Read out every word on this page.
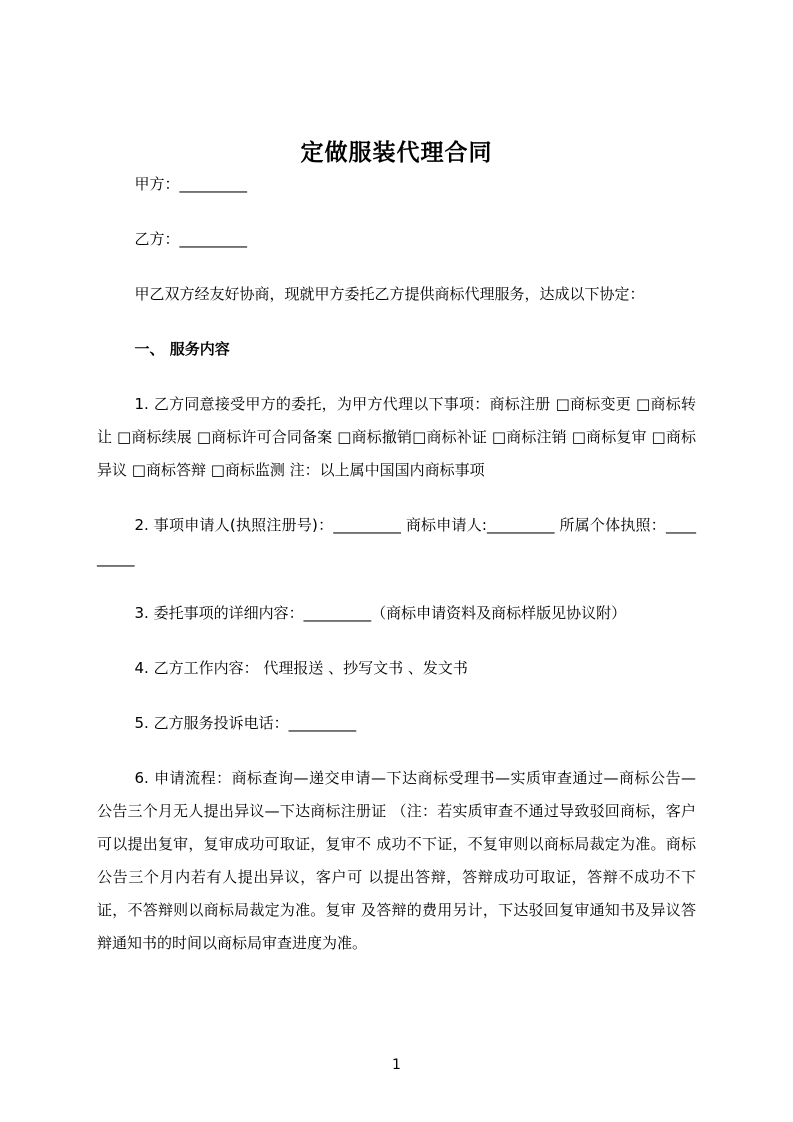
定做服装代理合同

甲方：_________

乙方：_________

甲乙双方经友好协商，现就甲方委托乙方提供商标代理服务，达成以下协定：

一、 服务内容

1. 乙方同意接受甲方的委托，为甲方代理以下事项：商标注册 □商标变更 □商标转让 □商标续展 □商标许可合同备案 □商标撤销□商标补证 □商标注销 □商标复审 □商标异议 □商标答辩 □商标监测 注：以上属中国国内商标事项

2. 事项申请人(执照注册号)：_________ 商标申请人:_________ 所属个体执照：_________

3. 委托事项的详细内容：_________（商标申请资料及商标样版见协议附）

4. 乙方工作内容： 代理报送 、抄写文书 、发文书

5. 乙方服务投诉电话：_________

6. 申请流程：商标查询—递交申请—下达商标受理书—实质审查通过—商标公告— 公告三个月无人提出异议—下达商标注册证 （注：若实质审查不通过导致驳回商标，客户可以提出复审，复审成功可取证，复审不 成功不下证，不复审则以商标局裁定为准。商标公告三个月内若有人提出异议，客户可 以提出答辩，答辩成功可取证，答辩不成功不下证，不答辩则以商标局裁定为准。复审 及答辩的费用另计，下达驳回复审通知书及异议答辩通知书的时间以商标局审查进度为准。

1
